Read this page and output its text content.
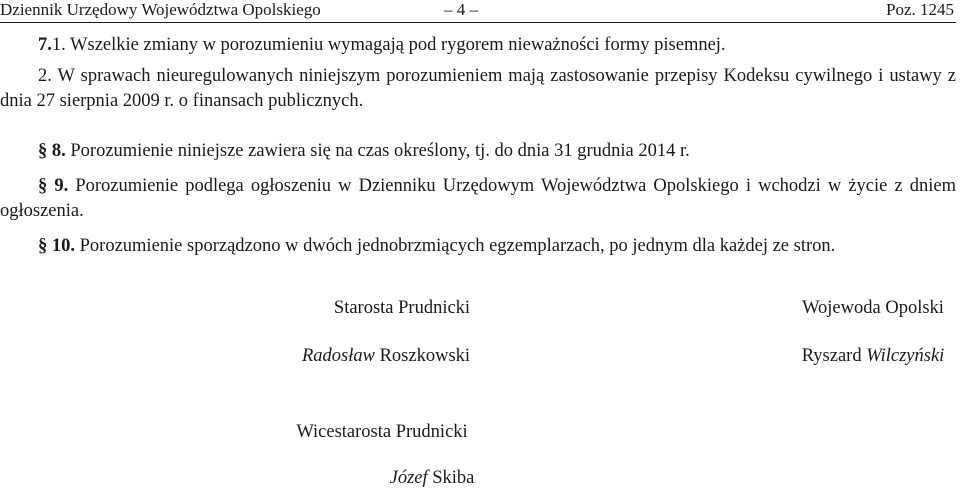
Dziennik Urzędowy Województwa Opolskiego	– 4 –	Poz. 1245
7.1. Wszelkie zmiany w porozumieniu wymagają pod rygorem nieważności formy pisemnej.
2. W sprawach nieuregulowanych niniejszym porozumieniem mają zastosowanie przepisy Kodeksu cywilnego i ustawy z dnia 27 sierpnia 2009 r. o finansach publicznych.
§ 8. Porozumienie niniejsze zawiera się na czas określony, tj. do dnia 31 grudnia 2014 r.
§ 9. Porozumienie podlega ogłoszeniu w Dzienniku Urzędowym Województwa Opolskiego i wchodzi w życie z dniem ogłoszenia.
§ 10. Porozumienie sporządzono w dwóch jednobrzmiących egzemplarzach, po jednym dla każdej ze stron.
Starosta Prudnicki
Radosław Roszkowski
Wojewoda Opolski
Ryszard Wilczyński
Wicestarosta Prudnicki
Józef Skiba
